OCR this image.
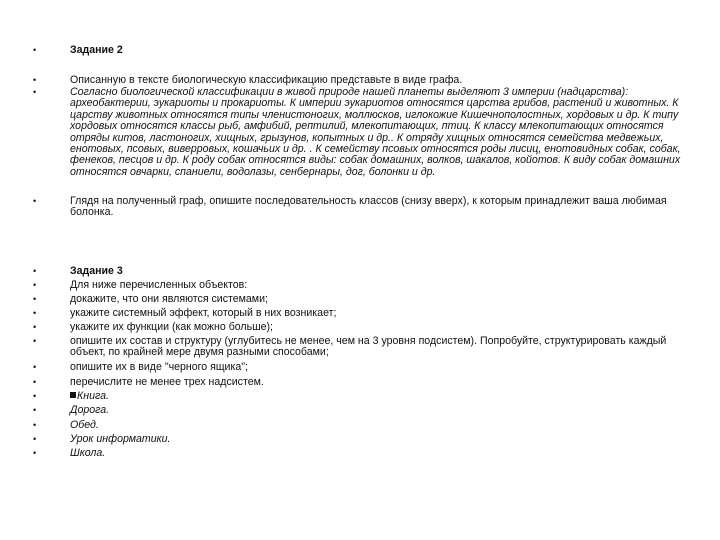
•	Задание 2
•	Описанную в тексте биологическую классификацию представьте в виде графа.
•	Согласно биологической классификации в живой природе нашей планеты выделяют 3 империи (надцарства): археобактерии, эукариоты и прокариоты. К империи эукариотов относятся царства грибов, растений и животных. К царству животных относятся типы членистоногих, моллюсков, иглокожие Кишечнополостных, хордовых и др. К типу хордовых относятся классы рыб, амфибий, рептилий, млекопитающих, птиц. К классу млекопитающих относятся отряды китов, ластоногих, хищных, грызунов, копытных и др.. К отряду хищных относятся семейства медвежьих, енотовых, псовых, виверровых, кошачьих и др. . К семейству псовых относятся роды лисиц, енотовидных собак, собак, фенеков, песцов и др. К роду собак относятся виды: собак домашних, волков, шакалов, койотов. К виду собак домашних относятся овчарки, спаниели, водолазы, сенбернары, дог, болонки и др.
•	Глядя на полученный граф, опишите последовательность классов (снизу вверх), к которым принадлежит ваша любимая болонка.
•	Задание 3
•	Для ниже перечисленных объектов:
•	докажите, что они являются системами;
•	укажите системный эффект, который в них возникает;
•	укажите их функции (как можно больше);
•	опишите их состав и структуру (углубитесь не менее, чем на 3 уровня подсистем). Попробуйте, структурировать каждый объект, по крайней мере двумя разными способами;
•	опишите их в виде "черного ящика";
•	перечислите не менее трех надсистем.
•	Книга.
•	Дорога.
•	Обед.
•	Урок информатики.
•	Школа.
